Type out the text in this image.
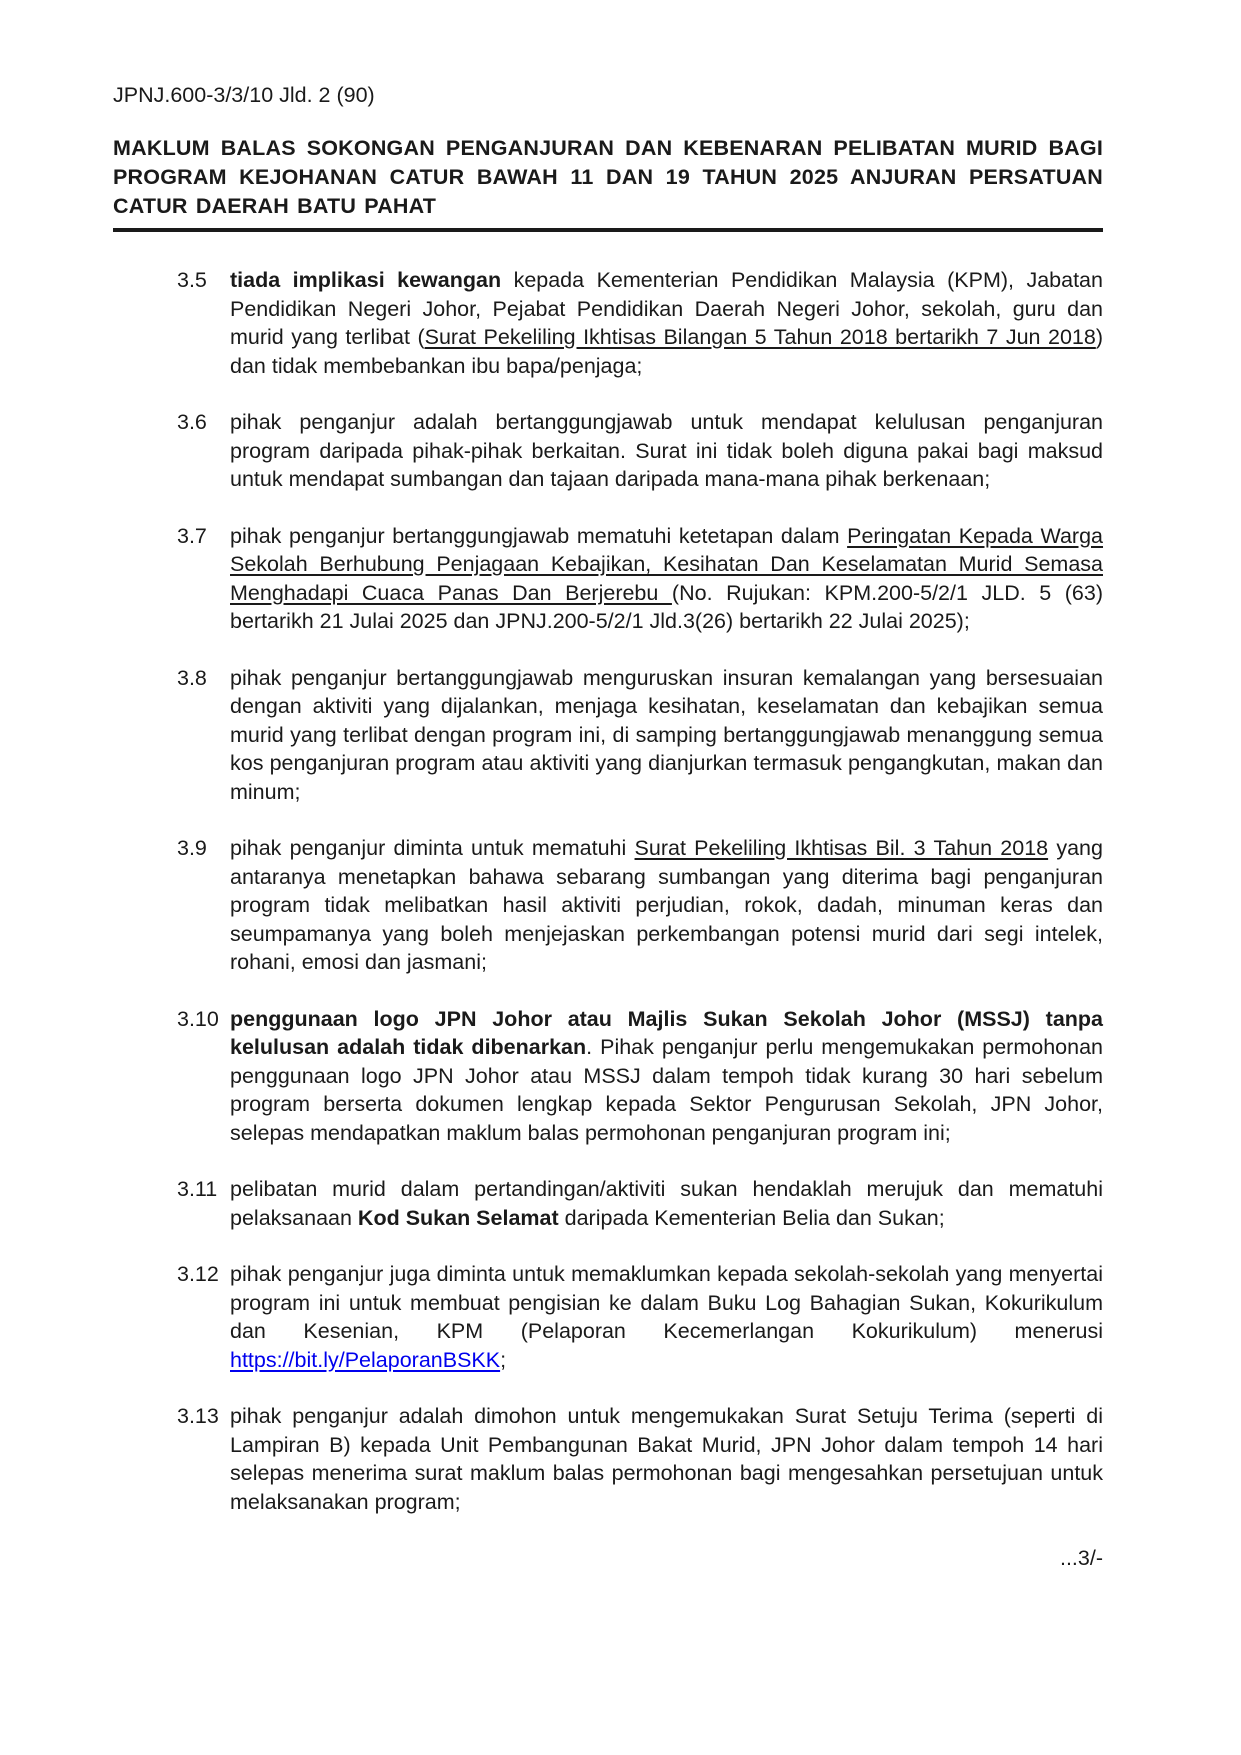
JPNJ.600-3/3/10 Jld. 2 (90)
MAKLUM BALAS SOKONGAN PENGANJURAN DAN KEBENARAN PELIBATAN MURID BAGI PROGRAM KEJOHANAN CATUR BAWAH 11 DAN 19 TAHUN 2025 ANJURAN PERSATUAN CATUR DAERAH BATU PAHAT
3.5	tiada implikasi kewangan kepada Kementerian Pendidikan Malaysia (KPM), Jabatan Pendidikan Negeri Johor, Pejabat Pendidikan Daerah Negeri Johor, sekolah, guru dan murid yang terlibat (Surat Pekeliling Ikhtisas Bilangan 5 Tahun 2018 bertarikh 7 Jun 2018) dan tidak membebankan ibu bapa/penjaga;
3.6	pihak penganjur adalah bertanggungjawab untuk mendapat kelulusan penganjuran program daripada pihak-pihak berkaitan. Surat ini tidak boleh diguna pakai bagi maksud untuk mendapat sumbangan dan tajaan daripada mana-mana pihak berkenaan;
3.7	pihak penganjur bertanggungjawab mematuhi ketetapan dalam Peringatan Kepada Warga Sekolah Berhubung Penjagaan Kebajikan, Kesihatan Dan Keselamatan Murid Semasa Menghadapi Cuaca Panas Dan Berjerebu (No. Rujukan: KPM.200-5/2/1 JLD. 5 (63) bertarikh 21 Julai 2025 dan JPNJ.200-5/2/1 Jld.3(26) bertarikh 22 Julai 2025);
3.8	pihak penganjur bertanggungjawab menguruskan insuran kemalangan yang bersesuaian dengan aktiviti yang dijalankan, menjaga kesihatan, keselamatan dan kebajikan semua murid yang terlibat dengan program ini, di samping bertanggungjawab menanggung semua kos penganjuran program atau aktiviti yang dianjurkan termasuk pengangkutan, makan dan minum;
3.9	pihak penganjur diminta untuk mematuhi Surat Pekeliling Ikhtisas Bil. 3 Tahun 2018 yang antaranya menetapkan bahawa sebarang sumbangan yang diterima bagi penganjuran program tidak melibatkan hasil aktiviti perjudian, rokok, dadah, minuman keras dan seumpamanya yang boleh menjejaskan perkembangan potensi murid dari segi intelek, rohani, emosi dan jasmani;
3.10 penggunaan logo JPN Johor atau Majlis Sukan Sekolah Johor (MSSJ) tanpa kelulusan adalah tidak dibenarkan. Pihak penganjur perlu mengemukakan permohonan penggunaan logo JPN Johor atau MSSJ dalam tempoh tidak kurang 30 hari sebelum program berserta dokumen lengkap kepada Sektor Pengurusan Sekolah, JPN Johor, selepas mendapatkan maklum balas permohonan penganjuran program ini;
3.11 pelibatan murid dalam pertandingan/aktiviti sukan hendaklah merujuk dan mematuhi pelaksanaan Kod Sukan Selamat daripada Kementerian Belia dan Sukan;
3.12 pihak penganjur juga diminta untuk memaklumkan kepada sekolah-sekolah yang menyertai program ini untuk membuat pengisian ke dalam Buku Log Bahagian Sukan, Kokurikulum dan Kesenian, KPM (Pelaporan Kecemerlangan Kokurikulum) menerusi https://bit.ly/PelaporanBSKK;
3.13 pihak penganjur adalah dimohon untuk mengemukakan Surat Setuju Terima (seperti di Lampiran B) kepada Unit Pembangunan Bakat Murid, JPN Johor dalam tempoh 14 hari selepas menerima surat maklum balas permohonan bagi mengesahkan persetujuan untuk melaksanakan program;
...3/-
